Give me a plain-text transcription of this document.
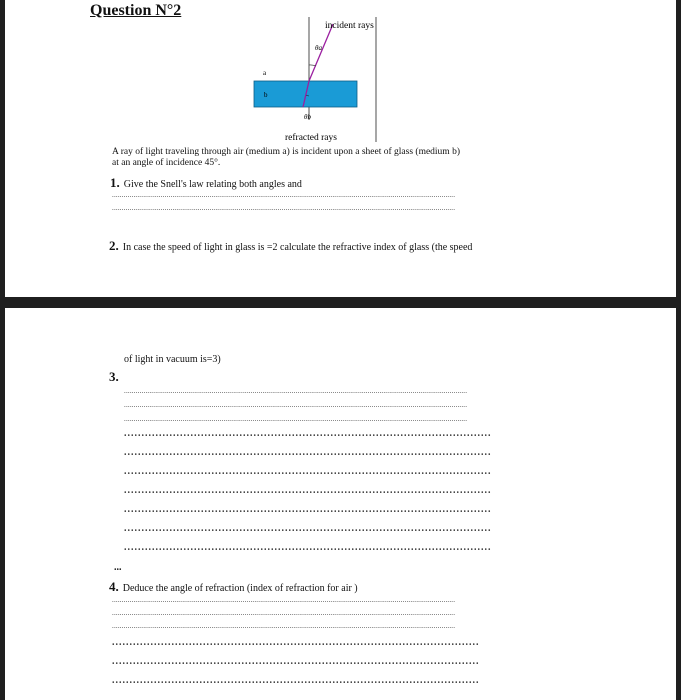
Question N°2
incident rays
θa
a
b
θb
refracted rays
A ray of light traveling through air (medium a) is incident upon a sheet of glass (medium b)
at an angle of incidence 45°.
1. Give the Snell's law relating both angles and
................................................................................................................................................................................
................................................................................................................................................................................
2. In case the speed of light in glass is =2 calculate the refractive index of glass (the speed
of light in vacuum is=3)
3.
................................................................................................................................................................................
................................................................................................................................................................................
................................................................................................................................................................................
.........................................................................................................
.........................................................................................................
.........................................................................................................
.........................................................................................................
.........................................................................................................
.........................................................................................................
.........................................................................................................
...
4. Deduce the angle of refraction (index of refraction for air )
................................................................................................................................................................................
................................................................................................................................................................................
................................................................................................................................................................................
.........................................................................................................
.........................................................................................................
.........................................................................................................
